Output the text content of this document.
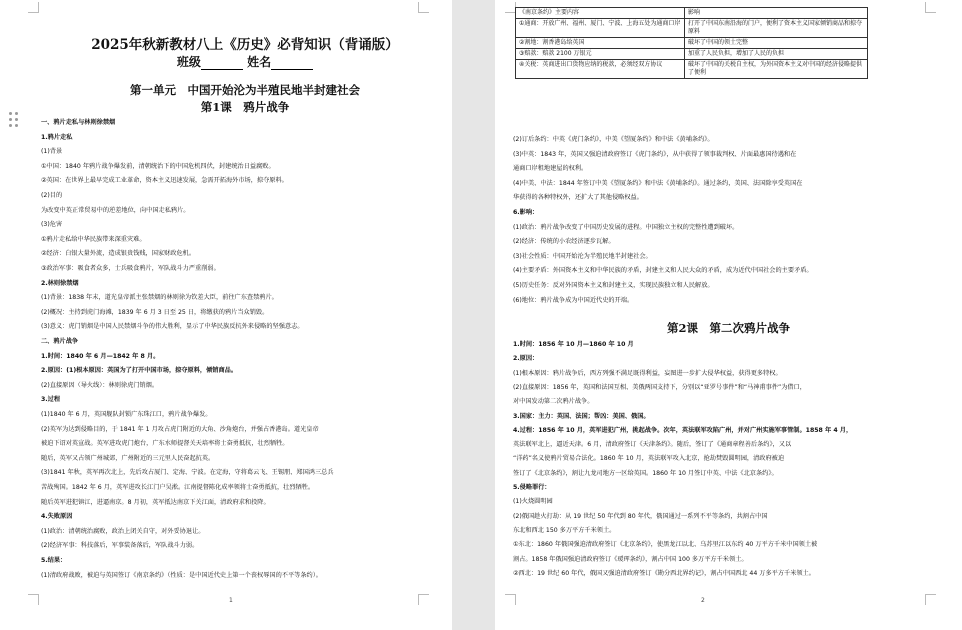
2025年秋新教材八上《历史》必背知识（背诵版）
班级	姓名
第一单元　中国开始沦为半殖民地半封建社会
第1课　鸦片战争
一、鸦片走私与林则徐禁烟
1.鸦片走私
(1)背景
①中国：1840 年鸦片战争爆发前，清朝统治下的中国危机四伏，封建统治日益腐败。
②英国：在世界上最早完成工业革命，资本主义迅速发展，急需开拓海外市场，掠夺原料。
(2)目的
为改变中英正常贸易中的逆差地位，向中国走私鸦片。
(3)危害
①鸦片走私给中华民族带来深重灾难。
②经济：白银大量外流，造成银贵钱贱，国家财政危机。
③政治军事：吸食者众多，士兵吸食鸦片，军队战斗力严重削弱。
2.林则徐禁烟
(1)背景：1838 年末，道光皇帝派主张禁烟的林则徐为钦差大臣，前往广东查禁鸦片。
(2)概况：主持到虎门海滩，1839 年 6 月 3 日至 25 日，将缴获的鸦片当众销毁。
(3)意义：虎门销烟是中国人民禁烟斗争的伟大胜利，显示了中华民族反抗外来侵略的坚强意志。
二、鸦片战争
1.时间：1840 年 6 月—1842 年 8 月。
2.原因：(1)根本原因：英国为了打开中国市场，掠夺原料，倾销商品。
(2)直接原因（导火线）：林则徐虎门销烟。
3.过程
(1)1840 年 6 月，英国舰队封锁广东珠江口，鸦片战争爆发。
(2)英军为达到侵略目的，于 1841 年 1 月攻占虎门附近的大角、沙角炮台，并强占香港岛。道光皇帝
被迫下诏对英宣战。英军进攻虎门炮台，广东水师提督关天培率将士奋勇抵抗，壮烈牺牲。
随后，英军又占领广州城郊，广州附近的三元里人民奋起抗英。
(3)1841 年秋，英军再次北上，先后攻占厦门、定海、宁波。在定海，守将葛云飞、王锡朋、郑国鸿三总兵
苦战殉国。1842 年 6 月，英军进攻长江门户吴淞。江南提督陈化成率领将士奋勇抵抗，壮烈牺牲。
随后英军进犯镇江，进逼南京。8 月初，英军抵达南京下关江面，清政府求和投降。
4.失败原因
(1)政治：清朝统治腐败，政治上闭关自守，对外妥协退让。
(2)经济军事：科技落后，军事装备落后，军队战斗力弱。
5.结果：
(1)清政府战败，被迫与英国签订《南京条约》（性质：是中国近代史上第一个丧权辱国的不平等条约）。
1	2
《南京条约》主要内容	影响
①通商：开放广州、福州、厦门、宁波、上海五处为通商口岸	打开了中国东南沿海的门户，便利了资本主义国家倾销商品和掠夺原料
②割地：割香港岛给英国	破坏了中国的领土完整
③赔款：赔款 2100 万银元	加重了人民负担，增加了人民的负担
④关税：英商进出口货物应纳的税款，必须经双方协议	破坏了中国的关税自主权，为外国资本主义对中国的经济侵略提供了便利
(2)订后条约：中英《虎门条约》，中美《望厦条约》和中法《黄埔条约》。
(3)中英：1843 年，英国又强迫清政府签订《虎门条约》，从中获得了领事裁判权、片面最惠国待遇和在
通商口岸租地建屋的权利。
(4)中美、中法：1844 年签订中美《望厦条约》和中法《黄埔条约》。通过条约，美国、法国除享受英国在
华获得的各种特权外，还扩大了其他侵略权益。
6.影响：
(1)政治：鸦片战争改变了中国历史发展的进程。中国独立主权的完整性遭到破坏。
(2)经济：传统的小农经济逐步瓦解。
(3)社会性质：中国开始沦为半殖民地半封建社会。
(4)主要矛盾：外国资本主义和中华民族的矛盾，封建主义和人民大众的矛盾，成为近代中国社会的主要矛盾。
(5)历史任务：反对外国资本主义和封建主义，实现民族独立和人民解放。
(6)地位：鸦片战争成为中国近代史的开端。
第2课　第二次鸦片战争
1.时间：1856 年 10 月—1860 年 10 月
2.原因：
(1)根本原因：鸦片战争后，西方列强不满足既得利益，妄图进一步扩大侵华权益，获得更多特权。
(2)直接原因：1856 年，英国和法国互相、美俄两国支持下，分别以“亚罗号事件”和“马神甫事件”为借口，
对中国发动第二次鸦片战争。
3.国家：主力：英国、法国；帮凶：美国、俄国。
4.过程：1856 年 10 月，英军进犯广州，挑起战争。次年，英法联军攻陷广州，并对广州实施军事管制。1858 年 4 月，
英法联军北上，逼近天津。6 月，清政府签订《天津条约》。随后，签订了《通商章程善后条约》，又以
“洋药”名义使鸦片贸易合法化。1860 年 10 月，英法联军攻入北京，抢劫焚毁圆明园，清政府被迫
签订了《北京条约》，割让九龙司地方一区给英国。1860 年 10 月签订中英、中法《北京条约》。
5.侵略罪行：
(1)火烧圆明园
(2)俄国趁火打劫：从 19 世纪 50 年代到 80 年代，俄国通过一系列不平等条约，共割占中国
东北和西北 150 多万平方千米领土。
①东北：1860 年俄国强迫清政府签订《北京条约》，使黑龙江以北、乌苏里江以东约 40 万平方千米中国领土被
割占。1858 年俄国强迫清政府签订《瑷珲条约》，割占中国 100 多万平方千米领土。
②西北：19 世纪 60 年代，俄国又强迫清政府签订《勘分西北界约记》，割占中国西北 44 万多平方千米领土。
